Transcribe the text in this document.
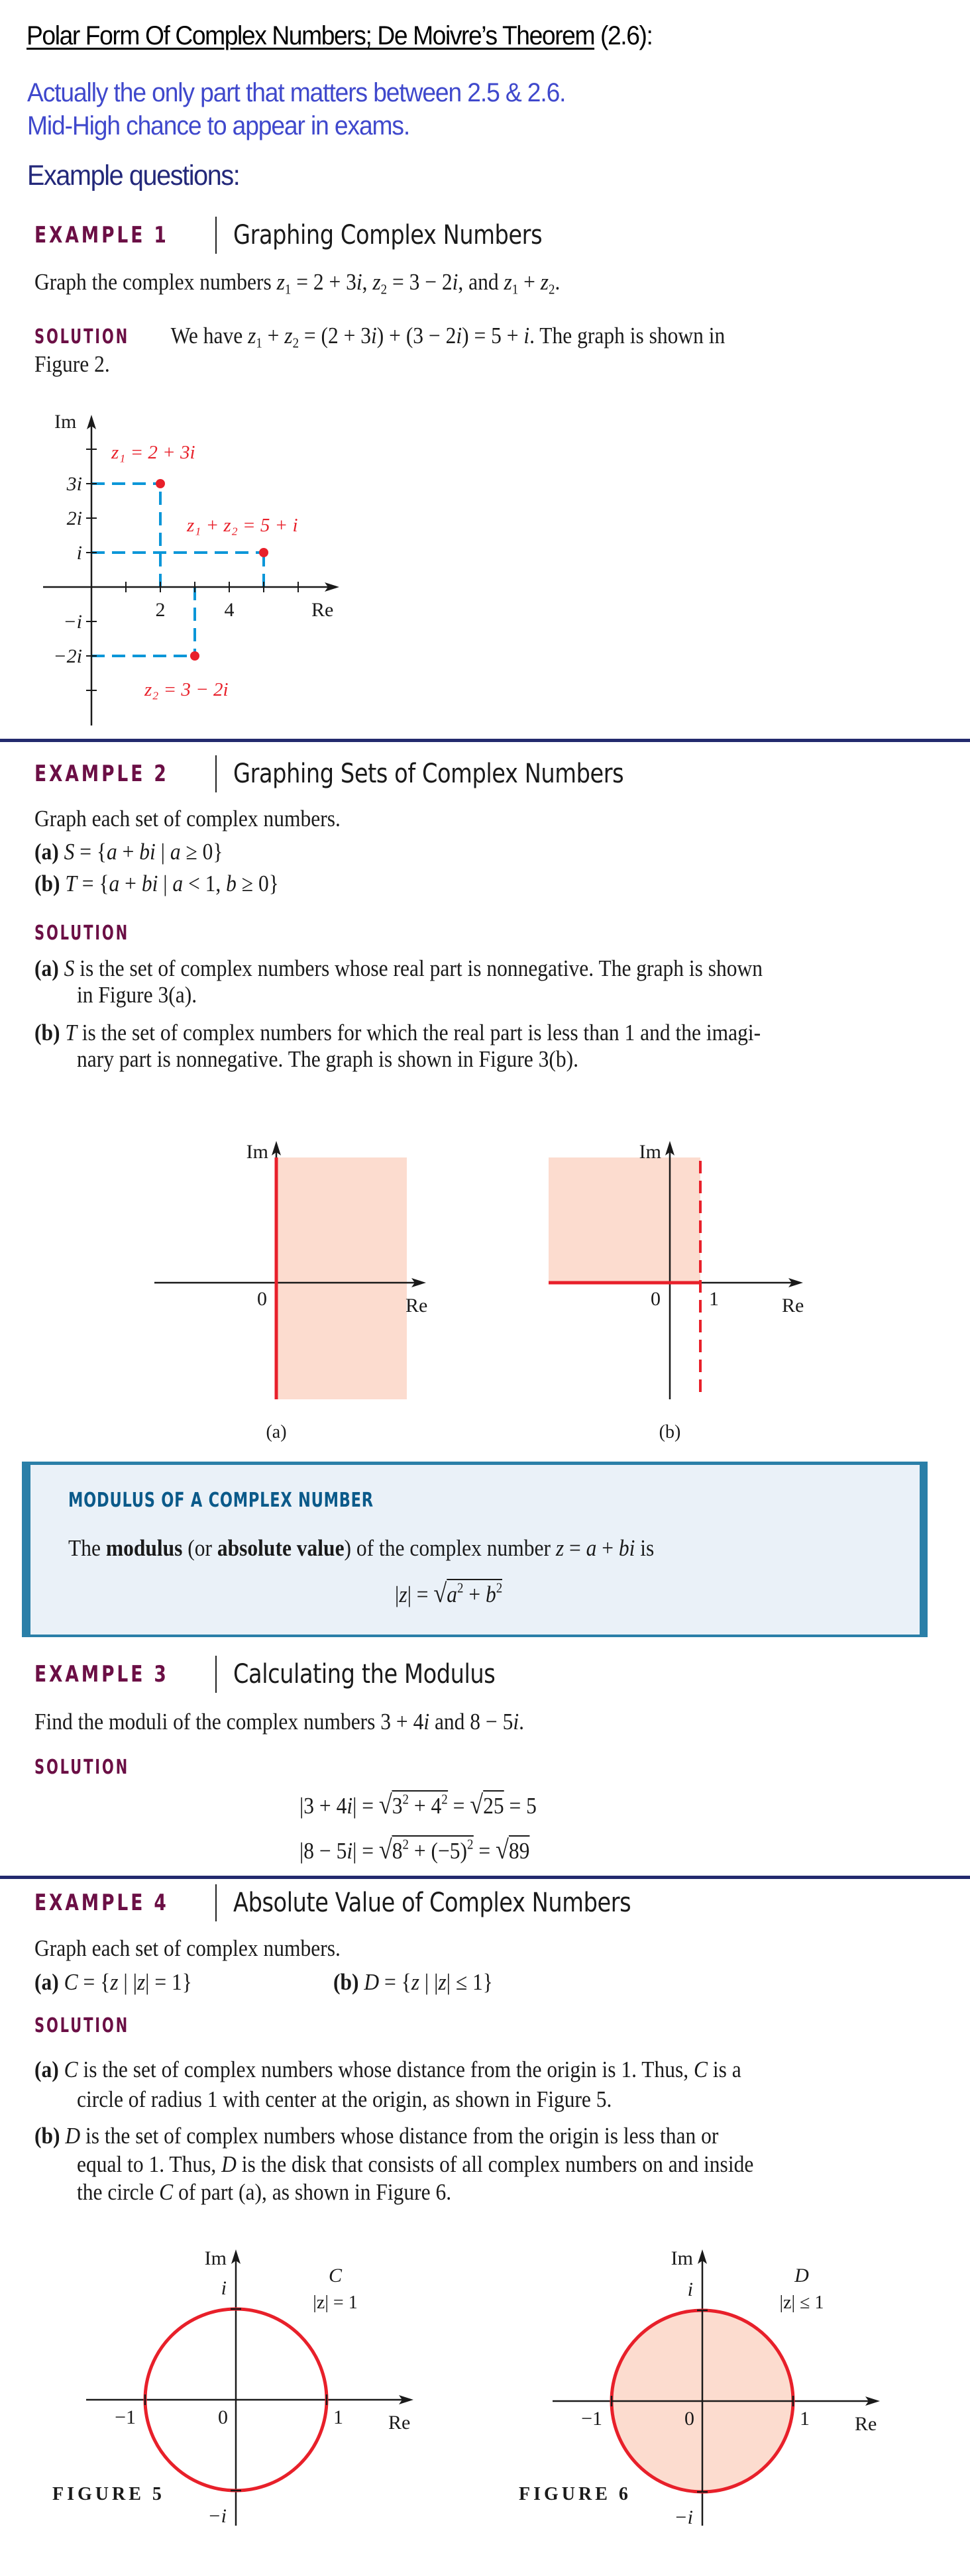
Polar Form Of Complex Numbers; De Moivre’s Theorem (2.6):
Actually the only part that matters between 2.5 & 2.6.
Mid-High chance to appear in exams.
Example questions:
EXAMPLE 1 Graphing Complex Numbers
Graph the complex numbers $z_1 = 2 + 3i$, $z_2 = 3 - 2i$, and $z_1 + z_2$.
SOLUTION We have $z_1 + z_2 = (2 + 3i) + (3 - 2i) = 5 + i$. The graph is shown in
Figure 2.
2	4
3i
2i
i
−i
−2i
Re
Im
z₁ = 2 + 3i
z₁ + z₂ = 5 + i
z₂ = 3 − 2i
EXAMPLE 2 Graphing Sets of Complex Numbers
Graph each set of complex numbers.
(a) S = {a + bi | a ≥ 0}
(b) T = {a + bi | a < 1, b ≥ 0}
SOLUTION
(a) S is the set of complex numbers whose real part is nonnegative. The graph is shown
in Figure 3(a).
(b) T is the set of complex numbers for which the real part is less than 1 and the imagi-
nary part is nonnegative. The graph is shown in Figure 3(b).
Im
0	Re
(a)
Im
0 1	Re
(b)
MODULUS OF A COMPLEX NUMBER
The modulus (or absolute value) of the complex number z = a + bi is
$|z| = √a^2 + b^2$
EXAMPLE 3 Calculating the Modulus
Find the moduli of the complex numbers 3 + 4i and 8 − 5i.
SOLUTION
$|3 + 4i| = √3^2 + 4^2 = √25 = 5$
$|8 - 5i| = √8^2 + (-5)^2 = √89$
EXAMPLE 4 Absolute Value of Complex Numbers
Graph each set of complex numbers.
(a) C = {z | |z| = 1}	(b) D = {z | |z| ≤ 1}
SOLUTION
(a) C is the set of complex numbers whose distance from the origin is 1. Thus, C is a
circle of radius 1 with center at the origin, as shown in Figure 5.
(b) D is the set of complex numbers whose distance from the origin is less than or
equal to 1. Thus, D is the disk that consists of all complex numbers on and inside
the circle C of part (a), as shown in Figure 6.
Im
i
−i
−1	0	1 Re
C
|z| = 1
FIGURE 5
Im
i
−i
−1	0	1 Re
D
|z| ≤ 1
FIGURE 6
